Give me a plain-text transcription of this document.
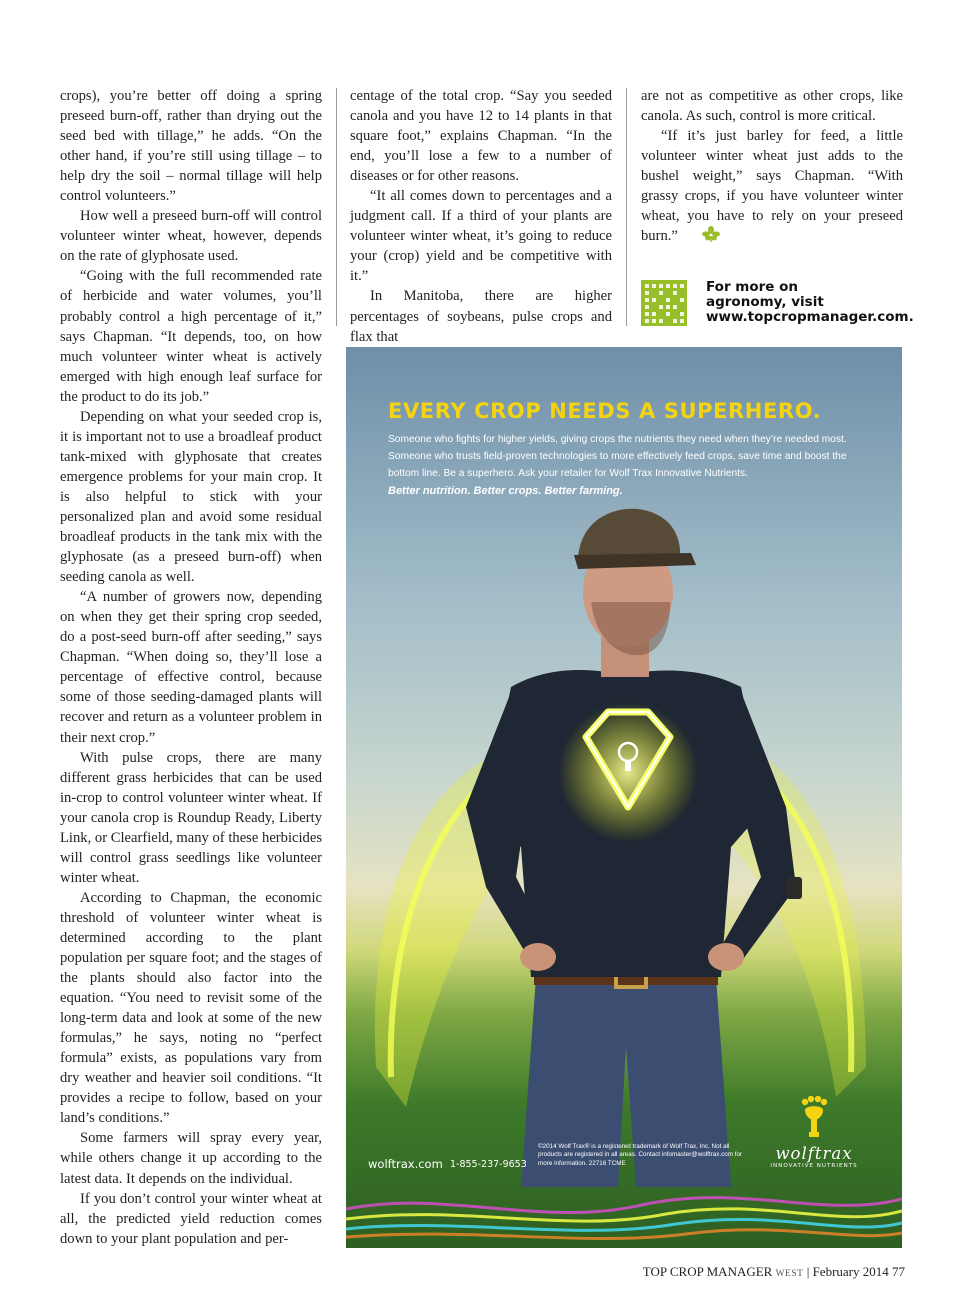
crops), you’re better off doing a spring preseed burn-off, rather than drying out the seed bed with tillage,” he adds. “On the other hand, if you’re still using tillage – to help dry the soil – normal tillage will help control volunteers.”

How well a preseed burn-off will control volunteer winter wheat, however, depends on the rate of glyphosate used.

“Going with the full recommended rate of herbicide and water volumes, you’ll probably control a high percentage of it,” says Chapman. “It depends, too, on how much volunteer winter wheat is actively emerged with high enough leaf surface for the product to do its job.”

Depending on what your seeded crop is, it is important not to use a broadleaf product tank-mixed with glyphosate that creates emergence problems for your main crop. It is also helpful to stick with your personalized plan and avoid some residual broadleaf products in the tank mix with the glyphosate (as a preseed burn-off) when seeding canola as well.

“A number of growers now, depending on when they get their spring crop seeded, do a post-seed burn-off after seeding,” says Chapman. “When doing so, they’ll lose a percentage of effective control, because some of those seeding-damaged plants will recover and return as a volunteer problem in their next crop.”

With pulse crops, there are many different grass herbicides that can be used in-crop to control volunteer winter wheat. If your canola crop is Roundup Ready, Liberty Link, or Clearfield, many of these herbicides will control grass seedlings like volunteer winter wheat.

According to Chapman, the economic threshold of volunteer winter wheat is determined according to the plant population per square foot; and the stages of the plants should also factor into the equation. “You need to revisit some of the long-term data and look at some of the new formulas,” he says, noting no “perfect formula” exists, as populations vary from dry weather and heavier soil conditions. “It provides a recipe to follow, based on your land’s conditions.”

Some farmers will spray every year, while others change it up according to the latest data. It depends on the individual.

If you don’t control your winter wheat at all, the predicted yield reduction comes down to your plant population and per-

centage of the total crop. “Say you seeded canola and you have 12 to 14 plants in that square foot,” explains Chapman. “In the end, you’ll lose a few to a number of diseases or for other reasons.

“It all comes down to percentages and a judgment call. If a third of your plants are volunteer winter wheat, it’s going to reduce your (crop) yield and be competitive with it.”

In Manitoba, there are higher percentages of soybeans, pulse crops and flax that

are not as competitive as other crops, like canola. As such, control is more critical.

“If it’s just barley for feed, a little volunteer winter wheat just adds to the bushel weight,” says Chapman. “With grassy crops, if you have volunteer winter wheat, you have to rely on your preseed burn.”

For more on
agronomy, visit
www.topcropmanager.com.
EVERY CROP NEEDS A SUPERHERO.
Someone who fights for higher yields, giving crops the nutrients they need when they’re needed most. Someone who trusts field-proven technologies to more effectively feed crops, save time and boost the bottom line. Be a superhero. Ask your retailer for Wolf Trax Innovative Nutrients.
Better nutrition. Better crops. Better farming.
wolftrax.com 1-855-237-9653
©2014 Wolf Trax® is a registered trademark of Wolf Trax, Inc. Not all products are registered in all areas. Contact infomaster@wolftrax.com for more information. 22716 TCME
wolftrax
INNOVATIVE NUTRIENTS
TOP CROP MANAGER WEST | February 2014 77
